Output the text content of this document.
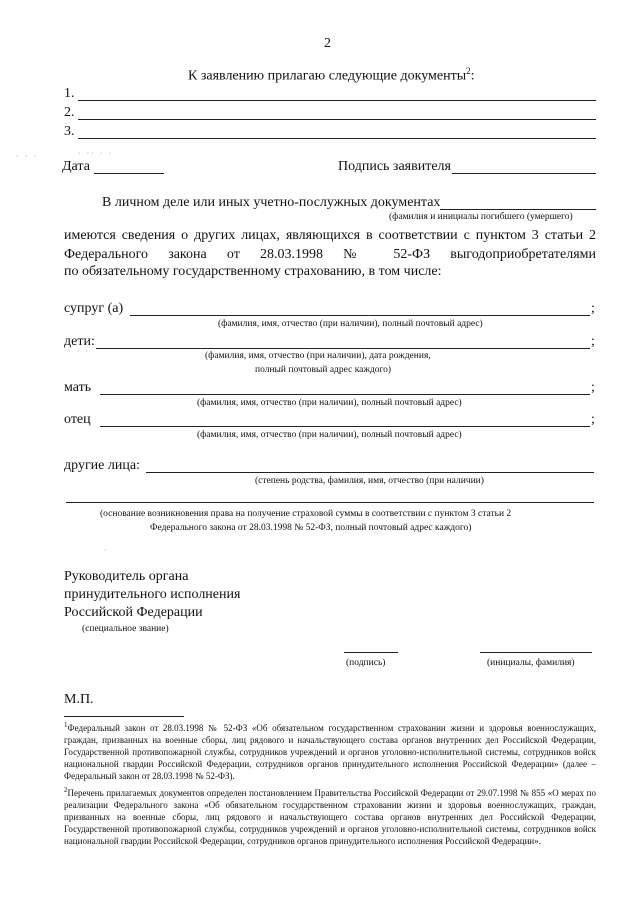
2
К заявлению прилагаю следующие документы$^2$:
1.
2.
3.
· · ·	· ·· · ·
Дата	Подпись заявителя
В личном деле или иных учетно-послужных документах
(фамилия и инициалы погибшего (умершего)
имеются сведения о других лицах, являющихся в соответствии с пунктом 3 статьи 2
Федерального закона от 28.03.1998 № 52-ФЗ выгодоприобретателями
по обязательному государственному страхованию, в том числе:
супруг (а)	;
(фамилия, имя, отчество (при наличии), полный почтовый адрес)
дети:	;
· · ·	(фамилия, имя, отчество (при наличии), дата рождения,
полный почтовый адрес каждого)
мать	;
(фамилия, имя, отчество (при наличии), полный почтовый адрес)
отец	;
(фамилия, имя, отчество (при наличии), полный почтовый адрес)
другие лица:
(степень родства, фамилия, имя, отчество (при наличии)
(основание возникновения права на получение страховой суммы в соответствии с пунктом 3 статьи 2
Федерального закона от 28.03.1998 № 52-ФЗ, полный почтовый адрес каждого)
·
Руководитель органа
принудительного исполнения
Российской Федерации
(специальное звание)
(подпись)	(инициалы, фамилия)
М.П.

$^1$Федеральный закон от 28.03.1998 № 52-ФЗ «Об обязательном государственном страховании жизни и здоровья военнослужащих, граждан, призванных на военные сборы, лиц рядового и начальствующего состава органов внутренних дел Российской Федерации, Государственной противопожарной службы, сотрудников учреждений и органов уголовно-исполнительной системы, сотрудников войск национальной гвардии Российской Федерации, сотрудников органов принудительного исполнения Российской Федерации» (далее – Федеральный закон от 28.03.1998 № 52-ФЗ).

$^2$Перечень прилагаемых документов определен постановлением Правительства Российской Федерации от 29.07.1998 № 855 «О мерах по реализации Федерального закона «Об обязательном государственном страховании жизни и здоровья военнослужащих, граждан, призванных на военные сборы, лиц рядового и начальствующего состава органов внутренних дел Российской Федерации, Государственной противопожарной службы, сотрудников учреждений и органов уголовно-исполнительной системы, сотрудников войск национальной гвардии Российской Федерации, сотрудников органов принудительного исполнения Российской Федерации».
